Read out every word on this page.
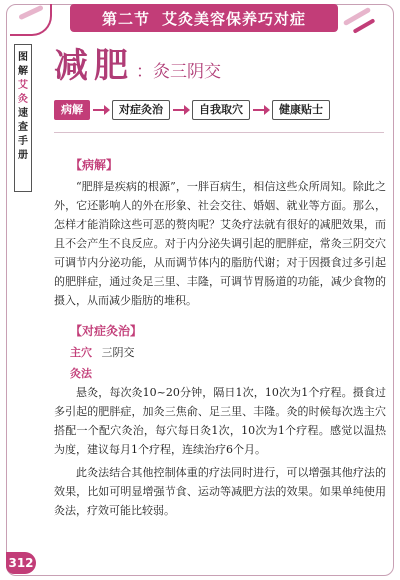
第二节 艾灸美容保养巧对症
图
解
艾
灸
速
查
手
册
减肥 ：灸三阴交
病解	对症灸治	自我取穴	健康贴士
【病解】

“肥胖是疾病的根源”，一胖百病生，相信这些众所周知。除此之外，它还影响人的外在形象、社会交往、婚姻、就业等方面。那么，怎样才能消除这些可恶的赘肉呢？艾灸疗法就有很好的减肥效果，而且不会产生不良反应。对于内分泌失调引起的肥胖症，常灸三阴交穴可调节内分泌功能，从而调节体内的脂肪代谢；对于因摄食过多引起的肥胖症，通过灸足三里、丰隆，可调节胃肠道的功能，减少食物的摄入，从而减少脂肪的堆积。

【对症灸治】
主穴 三阴交
灸法

悬灸，每次灸10~20分钟，隔日1次，10次为1个疗程。摄食过多引起的肥胖症，加灸三焦俞、足三里、丰隆。灸的时候每次选主穴搭配一个配穴灸治，每穴每日灸1次，10次为1个疗程。感觉以温热为度，建议每月1个疗程，连续治疗6个月。

此灸法结合其他控制体重的疗法同时进行，可以增强其他疗法的效果，比如可明显增强节食、运动等减肥方法的效果。如果单纯使用灸法，疗效可能比较弱。

312
